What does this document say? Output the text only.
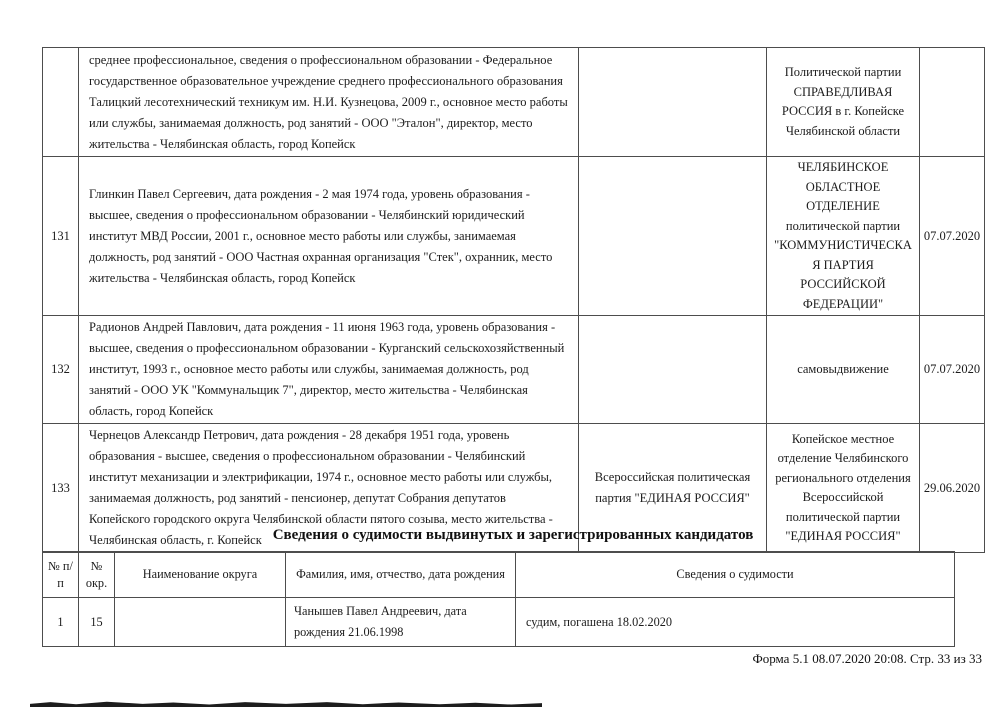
	среднее профессиональное, сведения о профессиональном образовании - Федеральное государственное образовательное учреждение среднего профессионального образования Талицкий лесотехнический техникум им. Н.И. Кузнецова, 2009 г., основное место работы или службы, занимаемая должность, род занятий - ООО "Эталон", директор, место жительства - Челябинская область, город Копейск		Политической партии СПРАВЕДЛИВАЯ РОССИЯ в г. Копейске Челябинской области	
131	Глинкин Павел Сергеевич, дата рождения - 2 мая 1974 года, уровень образования - высшее, сведения о профессиональном образовании - Челябинский юридический институт МВД России, 2001 г., основное место работы или службы, занимаемая должность, род занятий - ООО Частная охранная организация "Стек", охранник, место жительства - Челябинская область, город Копейск		ЧЕЛЯБИНСКОЕ ОБЛАСТНОЕ ОТДЕЛЕНИЕ политической партии "КОММУНИСТИЧЕСКАЯ ПАРТИЯ РОССИЙСКОЙ ФЕДЕРАЦИИ"	07.07.2020
132	Радионов Андрей Павлович, дата рождения - 11 июня 1963 года, уровень образования - высшее, сведения о профессиональном образовании - Курганский сельскохозяйственный институт, 1993 г., основное место работы или службы, занимаемая должность, род занятий - ООО УК "Коммунальщик 7", директор, место жительства - Челябинская область, город Копейск		самовыдвижение	07.07.2020
133	Чернецов Александр Петрович, дата рождения - 28 декабря 1951 года, уровень образования - высшее, сведения о профессиональном образовании - Челябинский институт механизации и электрификации, 1974 г., основное место работы или службы, занимаемая должность, род занятий - пенсионер, депутат Собрания депутатов Копейского городского округа Челябинской области пятого созыва, место жительства - Челябинская область, г. Копейск	Всероссийская политическая партия "ЕДИНАЯ РОССИЯ"	Копейское местное отделение Челябинского регионального отделения Всероссийской политической партии "ЕДИНАЯ РОССИЯ"	29.06.2020
Сведения о судимости выдвинутых и зарегистрированных кандидатов
№ п/п	№ окр.	Наименование округа	Фамилия, имя, отчество, дата рождения	Сведения о судимости
1	15		Чанышев Павел Андреевич, дата рождения 21.06.1998	судим, погашена 18.02.2020
Форма 5.1 08.07.2020 20:08. Стр. 33 из 33
